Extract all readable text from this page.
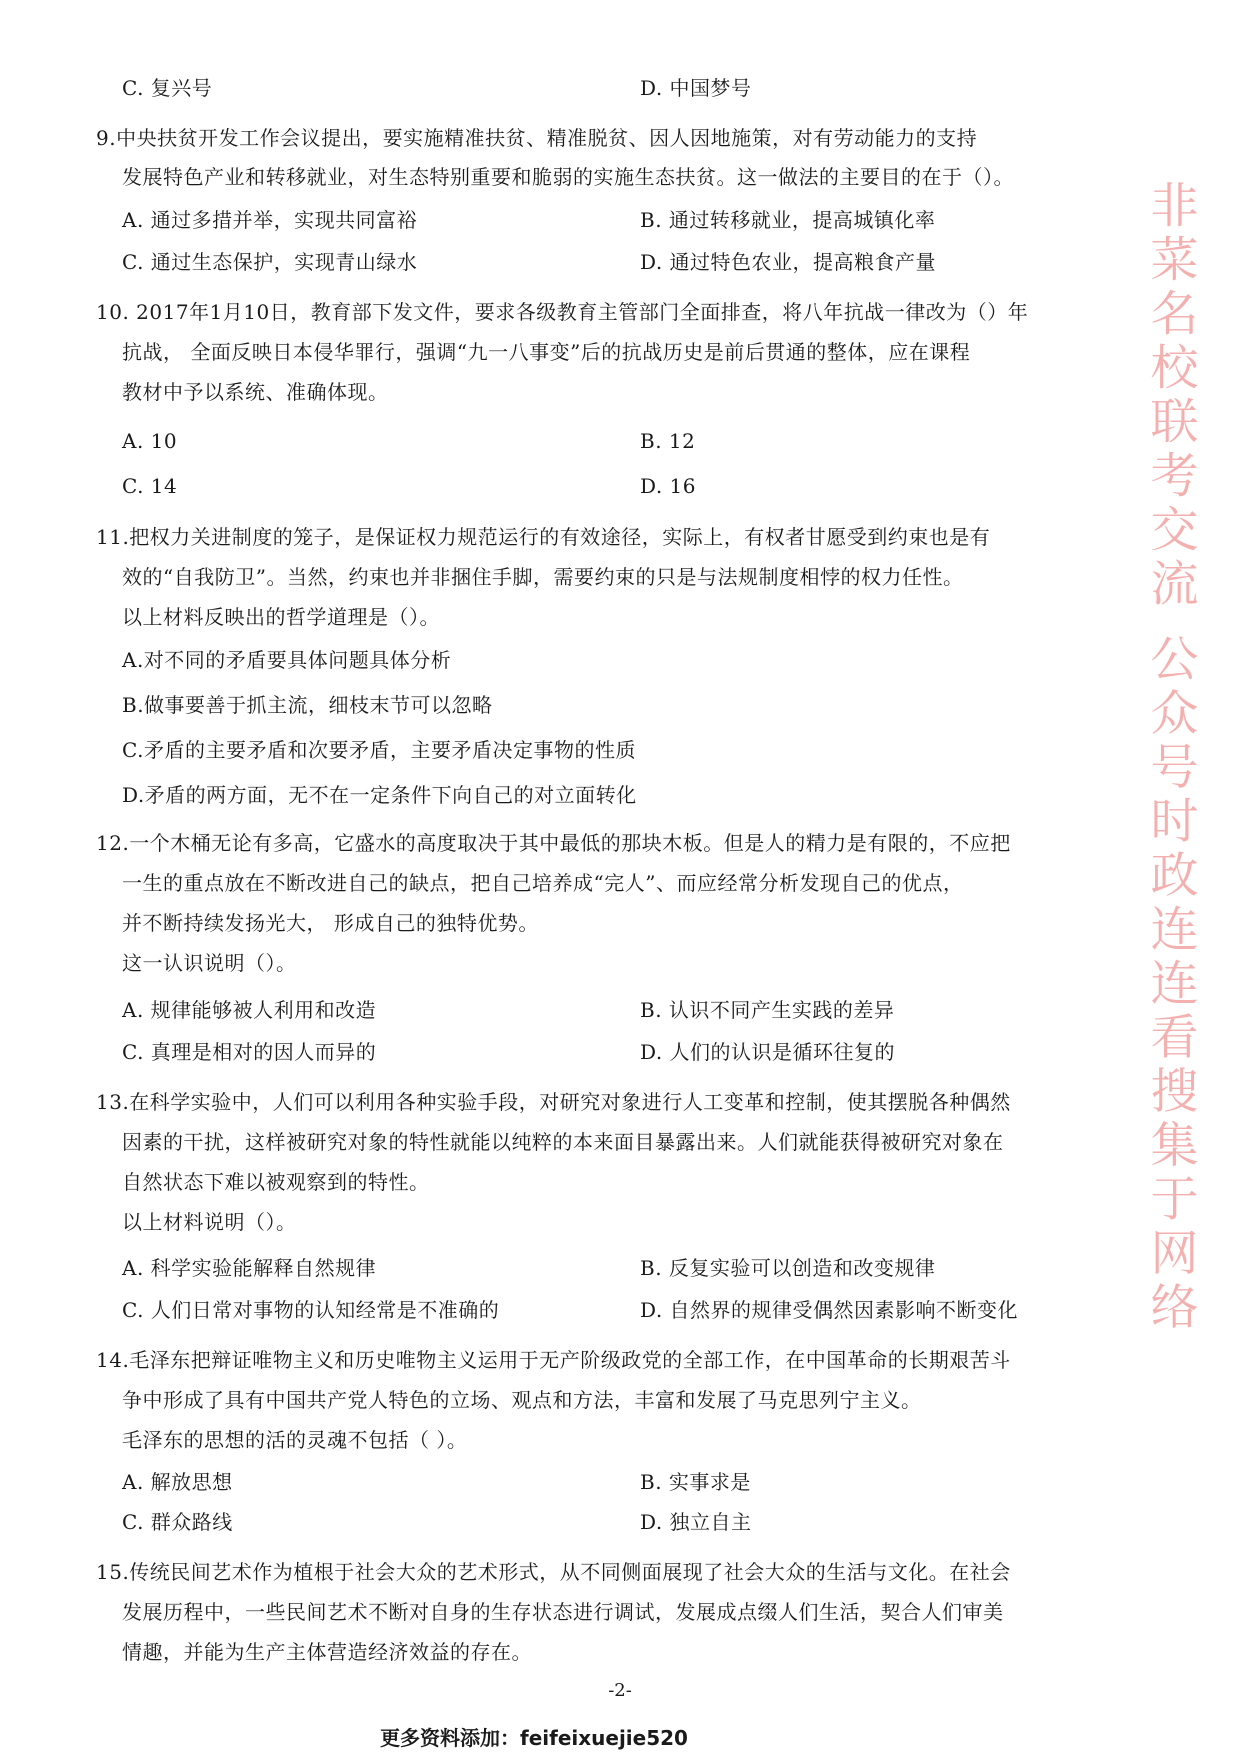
非菜名校联考交流 公众号时政连连看搜集于网络
C. 复兴号	D. 中国梦号
9.中央扶贫开发工作会议提出，要实施精准扶贫、精准脱贫、因人因地施策，对有劳动能力的支持
发展特色产业和转移就业，对生态特别重要和脆弱的实施生态扶贫。这一做法的主要目的在于（）。
A. 通过多措并举，实现共同富裕	B. 通过转移就业，提高城镇化率
C. 通过生态保护，实现青山绿水	D. 通过特色农业，提高粮食产量
10. 2017年1月10日，教育部下发文件，要求各级教育主管部门全面排查，将八年抗战一律改为（）年
抗战， 全面反映日本侵华罪行，强调“九一八事变”后的抗战历史是前后贯通的整体，应在课程
教材中予以系统、准确体现。
A. 10	B. 12
C. 14	D. 16
11.把权力关进制度的笼子，是保证权力规范运行的有效途径，实际上，有权者甘愿受到约束也是有
效的“自我防卫”。当然，约束也并非捆住手脚，需要约束的只是与法规制度相悖的权力任性。
以上材料反映出的哲学道理是（）。
A.对不同的矛盾要具体问题具体分析
B.做事要善于抓主流，细枝末节可以忽略
C.矛盾的主要矛盾和次要矛盾，主要矛盾决定事物的性质
D.矛盾的两方面，无不在一定条件下向自己的对立面转化
12.一个木桶无论有多高，它盛水的高度取决于其中最低的那块木板。但是人的精力是有限的，不应把
一生的重点放在不断改进自己的缺点，把自己培养成“完人”、而应经常分析发现自己的优点，
并不断持续发扬光大， 形成自己的独特优势。
这一认识说明（）。
A. 规律能够被人利用和改造	B. 认识不同产生实践的差异
C. 真理是相对的因人而异的	D. 人们的认识是循环往复的
13.在科学实验中，人们可以利用各种实验手段，对研究对象进行人工变革和控制，使其摆脱各种偶然
因素的干扰，这样被研究对象的特性就能以纯粹的本来面目暴露出来。人们就能获得被研究对象在
自然状态下难以被观察到的特性。
以上材料说明（）。
A. 科学实验能解释自然规律	B. 反复实验可以创造和改变规律
C. 人们日常对事物的认知经常是不准确的	D. 自然界的规律受偶然因素影响不断变化
14.毛泽东把辩证唯物主义和历史唯物主义运用于无产阶级政党的全部工作，在中国革命的长期艰苦斗
争中形成了具有中国共产党人特色的立场、观点和方法，丰富和发展了马克思列宁主义。
毛泽东的思想的活的灵魂不包括（ ）。
A. 解放思想	B. 实事求是
C. 群众路线	D. 独立自主
15.传统民间艺术作为植根于社会大众的艺术形式，从不同侧面展现了社会大众的生活与文化。在社会
发展历程中，一些民间艺术不断对自身的生存状态进行调试，发展成点缀人们生活，契合人们审美
情趣，并能为生产主体营造经济效益的存在。
-2-
更多资料添加：feifeixuejie520
